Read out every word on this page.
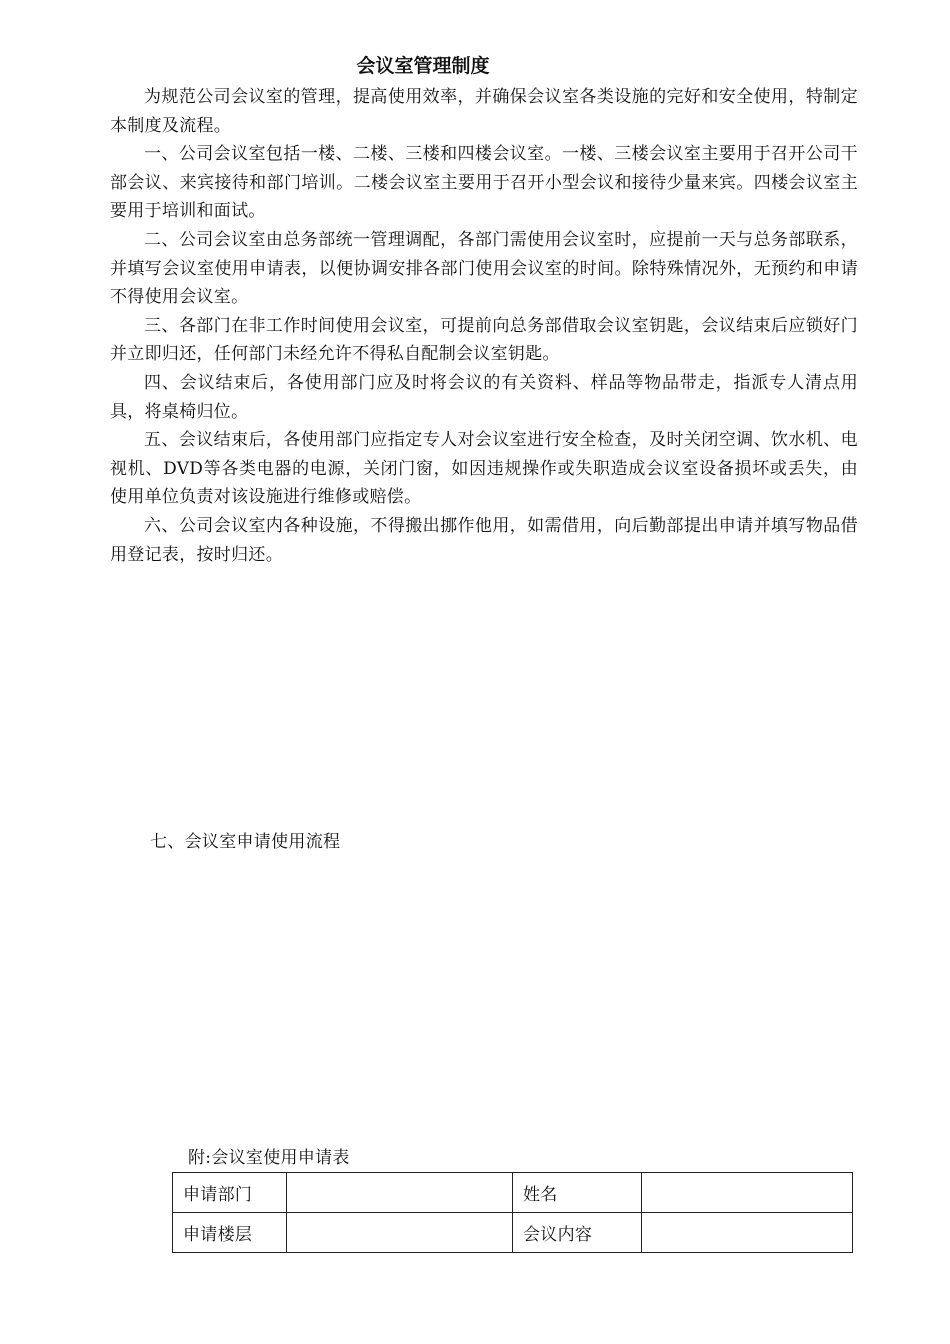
会议室管理制度

为规范公司会议室的管理，提高使用效率，并确保会议室各类设施的完好和安全使用，特制定本制度及流程。

一、公司会议室包括一楼、二楼、三楼和四楼会议室。一楼、三楼会议室主要用于召开公司干部会议、来宾接待和部门培训。二楼会议室主要用于召开小型会议和接待少量来宾。四楼会议室主要用于培训和面试。

二、公司会议室由总务部统一管理调配，各部门需使用会议室时，应提前一天与总务部联系，并填写会议室使用申请表，以便协调安排各部门使用会议室的时间。除特殊情况外，无预约和申请不得使用会议室。

三、各部门在非工作时间使用会议室，可提前向总务部借取会议室钥匙，会议结束后应锁好门并立即归还，任何部门未经允许不得私自配制会议室钥匙。

四、会议结束后，各使用部门应及时将会议的有关资料、样品等物品带走，指派专人清点用具，将桌椅归位。

五、会议结束后，各使用部门应指定专人对会议室进行安全检查，及时关闭空调、饮水机、电视机、DVD等各类电器的电源，关闭门窗，如因违规操作或失职造成会议室设备损坏或丢失，由使用单位负责对该设施进行维修或赔偿。

六、公司会议室内各种设施，不得搬出挪作他用，如需借用，向后勤部提出申请并填写物品借用登记表，按时归还。

七、会议室申请使用流程
附:会议室使用申请表
申请部门		姓名	
申请楼层		会议内容	
